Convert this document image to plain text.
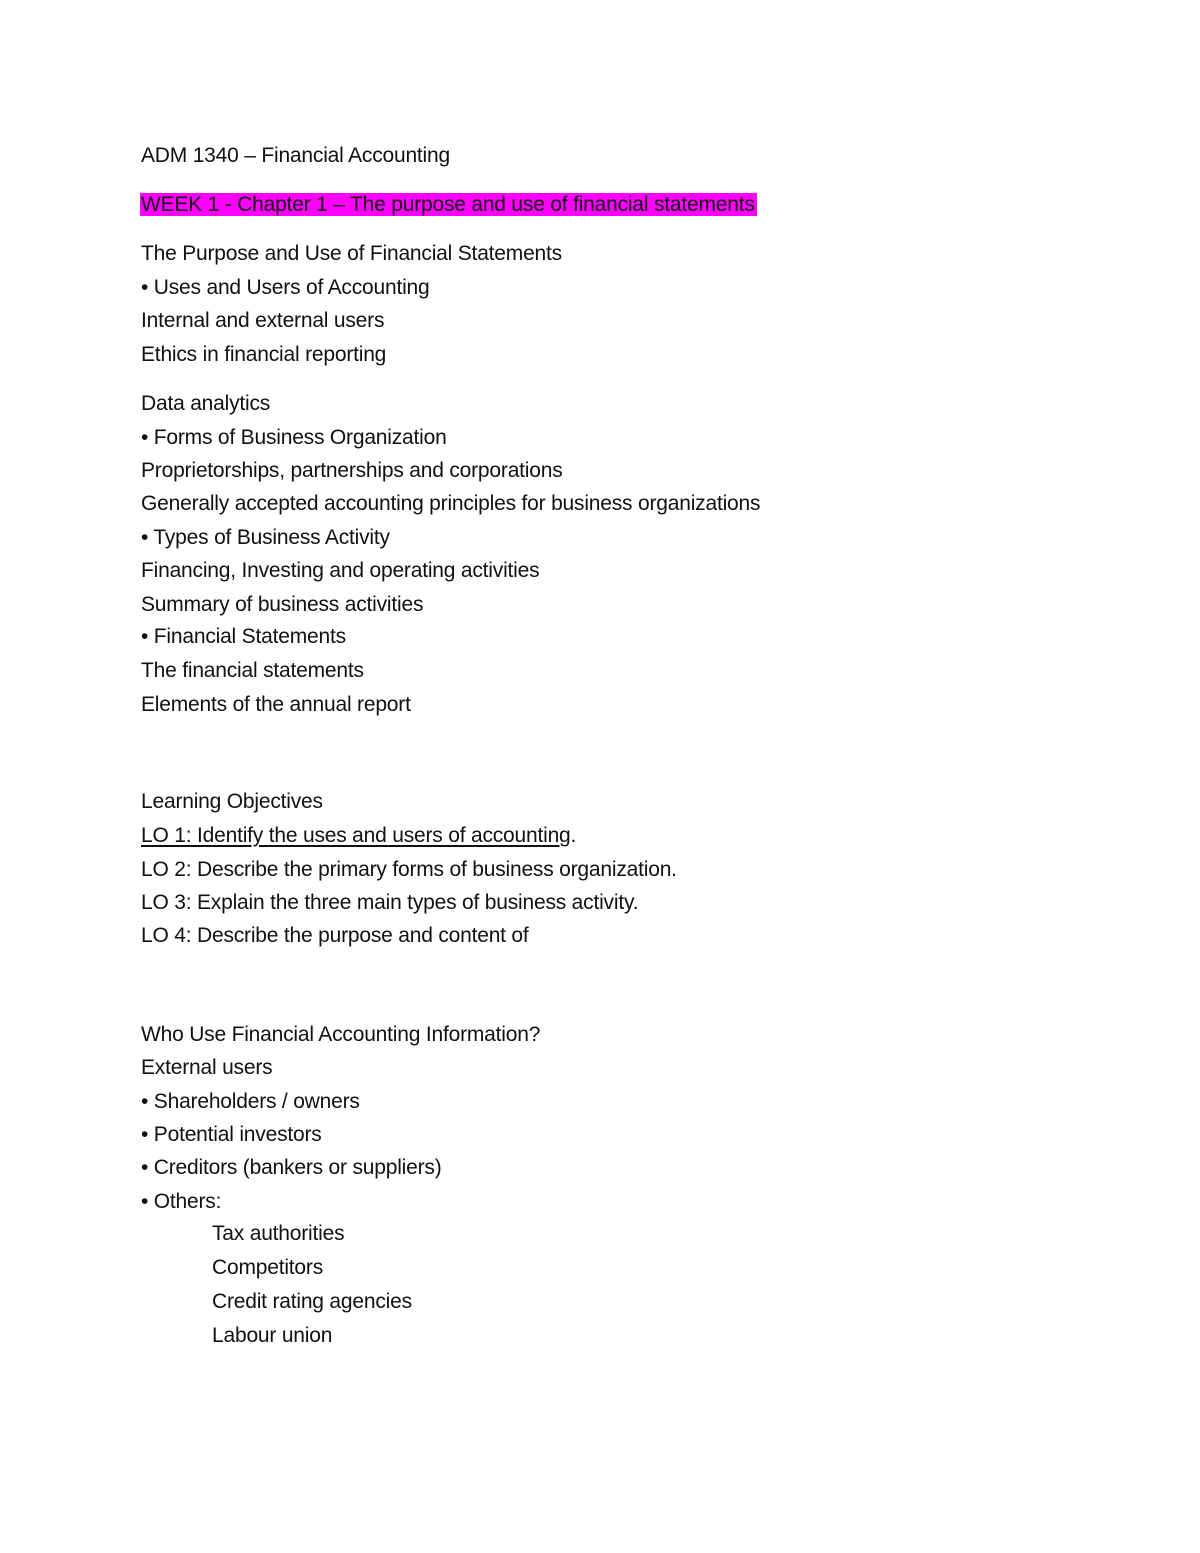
ADM 1340 – Financial Accounting
WEEK 1 - Chapter 1 – The purpose and use of financial statements
The Purpose and Use of Financial Statements
• Uses and Users of Accounting
Internal and external users
Ethics in financial reporting
Data analytics
• Forms of Business Organization
Proprietorships, partnerships and corporations
Generally accepted accounting principles for business organizations
• Types of Business Activity
Financing, Investing and operating activities
Summary of business activities
• Financial Statements
The financial statements
Elements of the annual report
Learning Objectives
LO 1: Identify the uses and users of accounting.
LO 2: Describe the primary forms of business organization.
LO 3: Explain the three main types of business activity.
LO 4: Describe the purpose and content of
Who Use Financial Accounting Information?
External users
• Shareholders / owners
• Potential investors
• Creditors (bankers or suppliers)
• Others:
Tax authorities
Competitors
Credit rating agencies
Labour union
